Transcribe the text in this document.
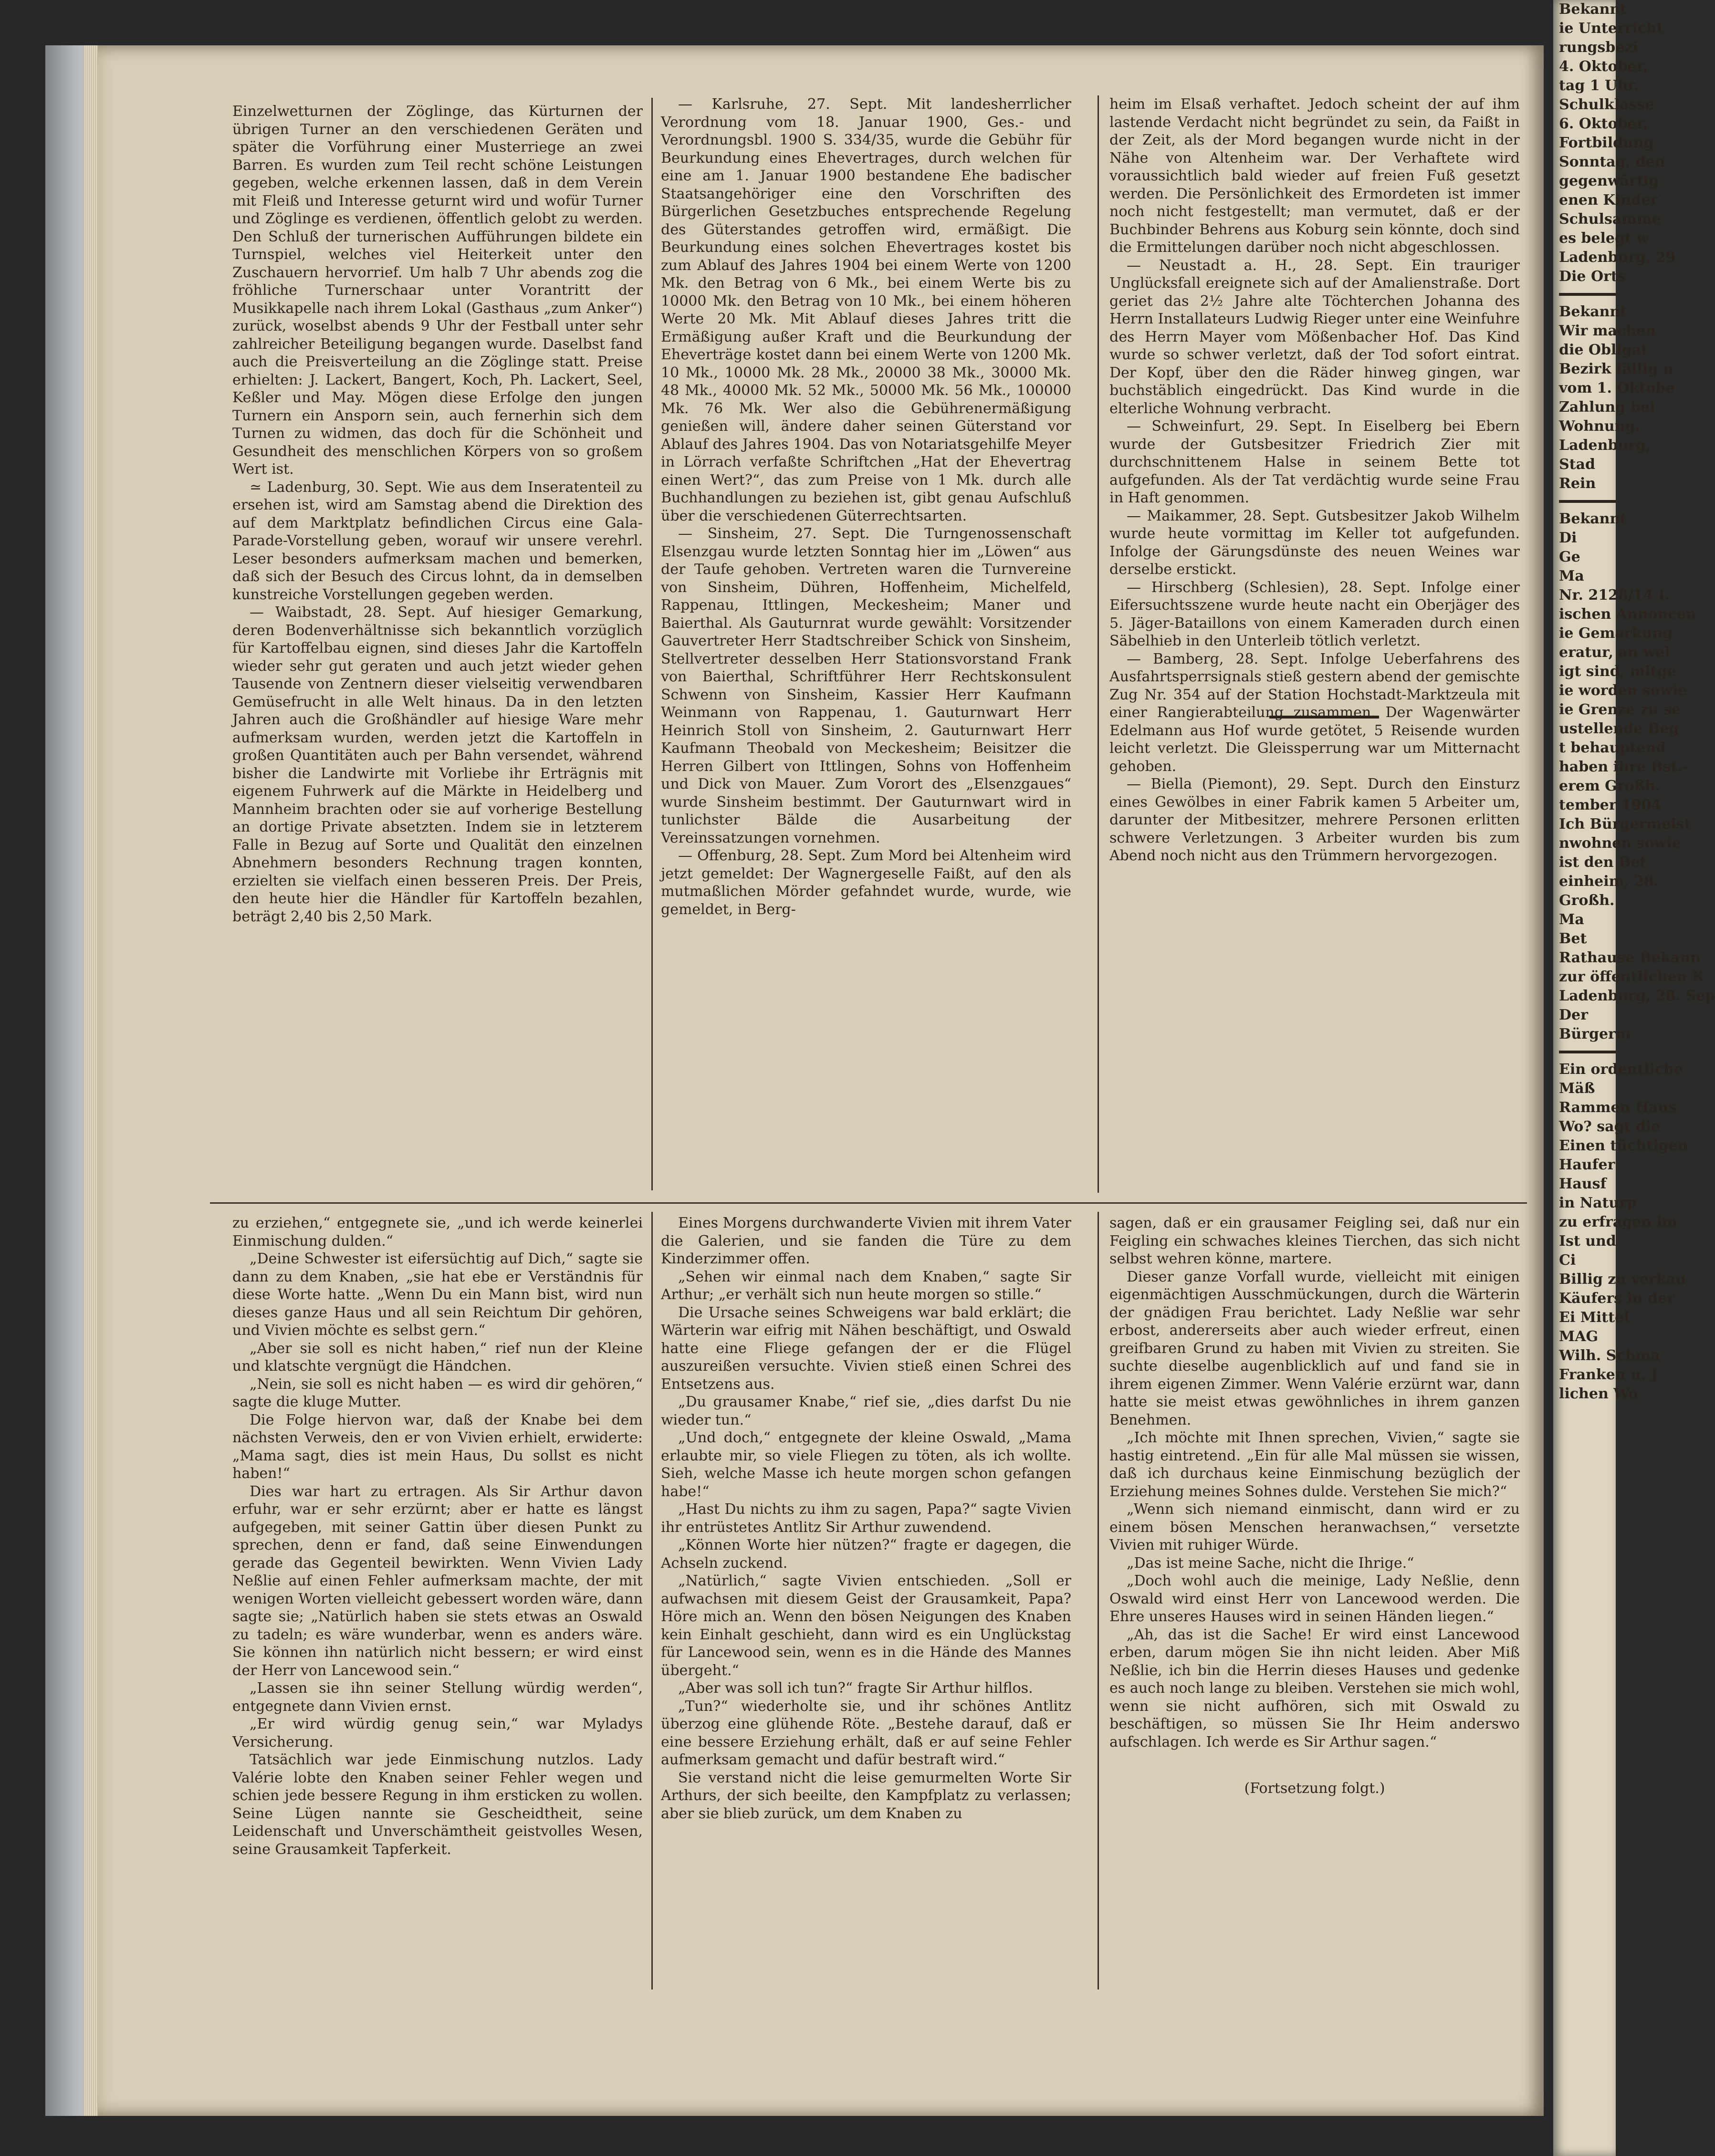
Einzelwetturnen der Zöglinge, das Kürturnen der übrigen Turner an den verschiedenen Geräten und später die Vorführung einer Musterriege an zwei Barren. Es wurden zum Teil recht schöne Leistungen gegeben, welche erkennen lassen, daß in dem Verein mit Fleiß und Interesse geturnt wird und wofür Turner und Zöglinge es verdienen, öffentlich gelobt zu werden. Den Schluß der turnerischen Aufführungen bildete ein Turnspiel, welches viel Heiterkeit unter den Zuschauern hervorrief. Um halb 7 Uhr abends zog die fröhliche Turnerschaar unter Vorantritt der Musikkapelle nach ihrem Lokal (Gasthaus „zum Anker“) zurück, woselbst abends 9 Uhr der Festball unter sehr zahlreicher Beteiligung begangen wurde. Daselbst fand auch die Preisverteilung an die Zöglinge statt. Preise erhielten: J. Lackert, Bangert, Koch, Ph. Lackert, Seel, Keßler und May. Mögen diese Erfolge den jungen Turnern ein Ansporn sein, auch fernerhin sich dem Turnen zu widmen, das doch für die Schönheit und Gesundheit des menschlichen Körpers von so großem Wert ist.

≃ Ladenburg, 30. Sept. Wie aus dem Inseratenteil zu ersehen ist, wird am Samstag abend die Direktion des auf dem Marktplatz befindlichen Circus eine Gala-Parade-Vorstellung geben, worauf wir unsere verehrl. Leser besonders aufmerksam machen und bemerken, daß sich der Besuch des Circus lohnt, da in demselben kunstreiche Vorstellungen gegeben werden.

— Waibstadt, 28. Sept. Auf hiesiger Gemarkung, deren Bodenverhältnisse sich bekanntlich vorzüglich für Kartoffelbau eignen, sind dieses Jahr die Kartoffeln wieder sehr gut geraten und auch jetzt wieder gehen Tausende von Zentnern dieser vielseitig verwendbaren Gemüsefrucht in alle Welt hinaus. Da in den letzten Jahren auch die Großhändler auf hiesige Ware mehr aufmerksam wurden, werden jetzt die Kartoffeln in großen Quantitäten auch per Bahn versendet, während bisher die Landwirte mit Vorliebe ihr Erträgnis mit eigenem Fuhrwerk auf die Märkte in Heidelberg und Mannheim brachten oder sie auf vorherige Bestellung an dortige Private absetzten. Indem sie in letzterem Falle in Bezug auf Sorte und Qualität den einzelnen Abnehmern besonders Rechnung tragen konnten, erzielten sie vielfach einen besseren Preis. Der Preis, den heute hier die Händler für Kartoffeln bezahlen, beträgt 2,40 bis 2,50 Mark.

— Karlsruhe, 27. Sept. Mit landesherrlicher Verordnung vom 18. Januar 1900, Ges.- und Verordnungsbl. 1900 S. 334/35, wurde die Gebühr für Beurkundung eines Ehevertrages, durch welchen für eine am 1. Januar 1900 bestandene Ehe badischer Staatsangehöriger eine den Vorschriften des Bürgerlichen Gesetzbuches entsprechende Regelung des Güterstandes getroffen wird, ermäßigt. Die Beurkundung eines solchen Ehevertrages kostet bis zum Ablauf des Jahres 1904 bei einem Werte von 1200 Mk. den Betrag von 6 Mk., bei einem Werte bis zu 10000 Mk. den Betrag von 10 Mk., bei einem höheren Werte 20 Mk. Mit Ablauf dieses Jahres tritt die Ermäßigung außer Kraft und die Beurkundung der Eheverträge kostet dann bei einem Werte von 1200 Mk. 10 Mk., 10000 Mk. 28 Mk., 20000 38 Mk., 30000 Mk. 48 Mk., 40000 Mk. 52 Mk., 50000 Mk. 56 Mk., 100000 Mk. 76 Mk. Wer also die Gebührenermäßigung genießen will, ändere daher seinen Güterstand vor Ablauf des Jahres 1904. Das von Notariatsgehilfe Meyer in Lörrach verfaßte Schriftchen „Hat der Ehevertrag einen Wert?“, das zum Preise von 1 Mk. durch alle Buchhandlungen zu beziehen ist, gibt genau Aufschluß über die verschiedenen Güterrechtsarten.

— Sinsheim, 27. Sept. Die Turngenossenschaft Elsenzgau wurde letzten Sonntag hier im „Löwen“ aus der Taufe gehoben. Vertreten waren die Turnvereine von Sinsheim, Dühren, Hoffenheim, Michelfeld, Rappenau, Ittlingen, Meckesheim; Maner und Baierthal. Als Gauturnrat wurde gewählt: Vorsitzender Gauvertreter Herr Stadtschreiber Schick von Sinsheim, Stellvertreter desselben Herr Stationsvorstand Frank von Baierthal, Schriftführer Herr Rechtskonsulent Schwenn von Sinsheim, Kassier Herr Kaufmann Weinmann von Rappenau, 1. Gauturnwart Herr Heinrich Stoll von Sinsheim, 2. Gauturnwart Herr Kaufmann Theobald von Meckesheim; Beisitzer die Herren Gilbert von Ittlingen, Sohns von Hoffenheim und Dick von Mauer. Zum Vorort des „Elsenzgaues“ wurde Sinsheim bestimmt. Der Gauturnwart wird in tunlichster Bälde die Ausarbeitung der Vereinssatzungen vornehmen.

— Offenburg, 28. Sept. Zum Mord bei Altenheim wird jetzt gemeldet: Der Wagnergeselle Faißt, auf den als mutmaßlichen Mörder gefahndet wurde, wurde, wie gemeldet, in Berg-

heim im Elsaß verhaftet. Jedoch scheint der auf ihm lastende Verdacht nicht begründet zu sein, da Faißt in der Zeit, als der Mord begangen wurde nicht in der Nähe von Altenheim war. Der Verhaftete wird voraussichtlich bald wieder auf freien Fuß gesetzt werden. Die Persönlichkeit des Ermordeten ist immer noch nicht festgestellt; man vermutet, daß er der Buchbinder Behrens aus Koburg sein könnte, doch sind die Ermittelungen darüber noch nicht abgeschlossen.

— Neustadt a. H., 28. Sept. Ein trauriger Unglücksfall ereignete sich auf der Amalienstraße. Dort geriet das 2½ Jahre alte Töchterchen Johanna des Herrn Installateurs Ludwig Rieger unter eine Weinfuhre des Herrn Mayer vom Mößenbacher Hof. Das Kind wurde so schwer verletzt, daß der Tod sofort eintrat. Der Kopf, über den die Räder hinweg gingen, war buchstäblich eingedrückt. Das Kind wurde in die elterliche Wohnung verbracht.

— Schweinfurt, 29. Sept. In Eiselberg bei Ebern wurde der Gutsbesitzer Friedrich Zier mit durchschnittenem Halse in seinem Bette tot aufgefunden. Als der Tat verdächtig wurde seine Frau in Haft genommen.

— Maikammer, 28. Sept. Gutsbesitzer Jakob Wilhelm wurde heute vormittag im Keller tot aufgefunden. Infolge der Gärungsdünste des neuen Weines war derselbe erstickt.

— Hirschberg (Schlesien), 28. Sept. Infolge einer Eifersuchtsszene wurde heute nacht ein Oberjäger des 5. Jäger-Bataillons von einem Kameraden durch einen Säbelhieb in den Unterleib tötlich verletzt.

— Bamberg, 28. Sept. Infolge Ueberfahrens des Ausfahrtsperrsignals stieß gestern abend der gemischte Zug Nr. 354 auf der Station Hochstadt-Marktzeula mit einer Rangierabteilung zusammen. Der Wagenwärter Edelmann aus Hof wurde getötet, 5 Reisende wurden leicht verletzt. Die Gleissperrung war um Mitternacht gehoben.

— Biella (Piemont), 29. Sept. Durch den Einsturz eines Gewölbes in einer Fabrik kamen 5 Arbeiter um, darunter der Mitbesitzer, mehrere Personen erlitten schwere Verletzungen. 3 Arbeiter wurden bis zum Abend noch nicht aus den Trümmern hervorgezogen.

zu erziehen,“ entgegnete sie, „und ich werde keinerlei Einmischung dulden.“

„Deine Schwester ist eifersüchtig auf Dich,“ sagte sie dann zu dem Knaben, „sie hat ebe er Verständnis für diese Worte hatte. „Wenn Du ein Mann bist, wird nun dieses ganze Haus und all sein Reichtum Dir gehören, und Vivien möchte es selbst gern.“

„Aber sie soll es nicht haben,“ rief nun der Kleine und klatschte vergnügt die Händchen.

„Nein, sie soll es nicht haben — es wird dir gehören,“ sagte die kluge Mutter.

Die Folge hiervon war, daß der Knabe bei dem nächsten Verweis, den er von Vivien erhielt, erwiderte: „Mama sagt, dies ist mein Haus, Du sollst es nicht haben!“

Dies war hart zu ertragen. Als Sir Arthur davon erfuhr, war er sehr erzürnt; aber er hatte es längst aufgegeben, mit seiner Gattin über diesen Punkt zu sprechen, denn er fand, daß seine Einwendungen gerade das Gegenteil bewirkten. Wenn Vivien Lady Neßlie auf einen Fehler aufmerksam machte, der mit wenigen Worten vielleicht gebessert worden wäre, dann sagte sie; „Natürlich haben sie stets etwas an Oswald zu tadeln; es wäre wunderbar, wenn es anders wäre. Sie können ihn natürlich nicht bessern; er wird einst der Herr von Lancewood sein.“

„Lassen sie ihn seiner Stellung würdig werden“, entgegnete dann Vivien ernst.

„Er wird würdig genug sein,“ war Myladys Versicherung.

Tatsächlich war jede Einmischung nutzlos. Lady Valérie lobte den Knaben seiner Fehler wegen und schien jede bessere Regung in ihm ersticken zu wollen. Seine Lügen nannte sie Gescheidtheit, seine Leidenschaft und Unverschämtheit geistvolles Wesen, seine Grausamkeit Tapferkeit.

Eines Morgens durchwanderte Vivien mit ihrem Vater die Galerien, und sie fanden die Türe zu dem Kinderzimmer offen.

„Sehen wir einmal nach dem Knaben,“ sagte Sir Arthur; „er verhält sich nun heute morgen so stille.“

Die Ursache seines Schweigens war bald erklärt; die Wärterin war eifrig mit Nähen beschäftigt, und Oswald hatte eine Fliege gefangen der er die Flügel auszureißen versuchte. Vivien stieß einen Schrei des Entsetzens aus.

„Du grausamer Knabe,“ rief sie, „dies darfst Du nie wieder tun.“

„Und doch,“ entgegnete der kleine Oswald, „Mama erlaubte mir, so viele Fliegen zu töten, als ich wollte. Sieh, welche Masse ich heute morgen schon gefangen habe!“

„Hast Du nichts zu ihm zu sagen, Papa?“ sagte Vivien ihr entrüstetes Antlitz Sir Arthur zuwendend.

„Können Worte hier nützen?“ fragte er dagegen, die Achseln zuckend.

„Natürlich,“ sagte Vivien entschieden. „Soll er aufwachsen mit diesem Geist der Grausamkeit, Papa? Höre mich an. Wenn den bösen Neigungen des Knaben kein Einhalt geschieht, dann wird es ein Unglückstag für Lancewood sein, wenn es in die Hände des Mannes übergeht.“

„Aber was soll ich tun?“ fragte Sir Arthur hilflos.

„Tun?“ wiederholte sie, und ihr schönes Antlitz überzog eine glühende Röte. „Bestehe darauf, daß er eine bessere Erziehung erhält, daß er auf seine Fehler aufmerksam gemacht und dafür bestraft wird.“

Sie verstand nicht die leise gemurmelten Worte Sir Arthurs, der sich beeilte, den Kampfplatz zu verlassen; aber sie blieb zurück, um dem Knaben zu

sagen, daß er ein grausamer Feigling sei, daß nur ein Feigling ein schwaches kleines Tierchen, das sich nicht selbst wehren könne, martere.

Dieser ganze Vorfall wurde, vielleicht mit einigen eigenmächtigen Ausschmückungen, durch die Wärterin der gnädigen Frau berichtet. Lady Neßlie war sehr erbost, andererseits aber auch wieder erfreut, einen greifbaren Grund zu haben mit Vivien zu streiten. Sie suchte dieselbe augenblicklich auf und fand sie in ihrem eigenen Zimmer. Wenn Valérie erzürnt war, dann hatte sie meist etwas gewöhnliches in ihrem ganzen Benehmen.

„Ich möchte mit Ihnen sprechen, Vivien,“ sagte sie hastig eintretend. „Ein für alle Mal müssen sie wissen, daß ich durchaus keine Einmischung bezüglich der Erziehung meines Sohnes dulde. Verstehen Sie mich?“

„Wenn sich niemand einmischt, dann wird er zu einem bösen Menschen heranwachsen,“ versetzte Vivien mit ruhiger Würde.

„Das ist meine Sache, nicht die Ihrige.“

„Doch wohl auch die meinige, Lady Neßlie, denn Oswald wird einst Herr von Lancewood werden. Die Ehre unseres Hauses wird in seinen Händen liegen.“

„Ah, das ist die Sache! Er wird einst Lancewood erben, darum mögen Sie ihn nicht leiden. Aber Miß Neßlie, ich bin die Herrin dieses Hauses und gedenke es auch noch lange zu bleiben. Verstehen sie mich wohl, wenn sie nicht aufhören, sich mit Oswald zu beschäftigen, so müssen Sie Ihr Heim anderswo aufschlagen. Ich werde es Sir Arthur sagen.“

(Fortsetzung folgt.)

Bekannt
ie Unterricht
rungsbezi
4. Oktober,
tag 1 Uhr.
Schulklasse
6. Oktober,
Fortbildung
Sonntag, den
gegenwärtig
enen Kinder
Schulsamme
es belegt w
Ladenburg, 29
Die Orts
Bekannt
Wir machen
die Obligat
Bezirk fällig n
vom 1. Oktobe
Zahlung bei
Wohnung.
Ladenburg,
Stad
Rein
Bekannt
Di
Ge
Ma
Nr. 2128/14 I.
ischen Annoncen
ie Gemarkung
eratur, an wel
igt sind, mitge
ie worden sowie
ie Grenze zu se
ustellende Beg
t behauptend
haben ihre Bst.-
erem Großh.
tember 1904
Ich Bürgermeist
nwohnen sowie
ist den Bet
einheim, 28.
Großh.
Ma
Bet
Rathause Bekann
zur öffentlichen K
Ladenburg, 28. Sep
Der
Bürgerm
Ein ordentliche
Mäß
Rammen Haus
Wo? sagt die
Einen tüchtigen
Haufer
Hausf
in Naturp
zu erfragen im
Ist und
Ci
Billig zu verkau
Käufers in der
Ei Mittel
MAG
Wilh. Schma
Franken u. J
lichen Wo
